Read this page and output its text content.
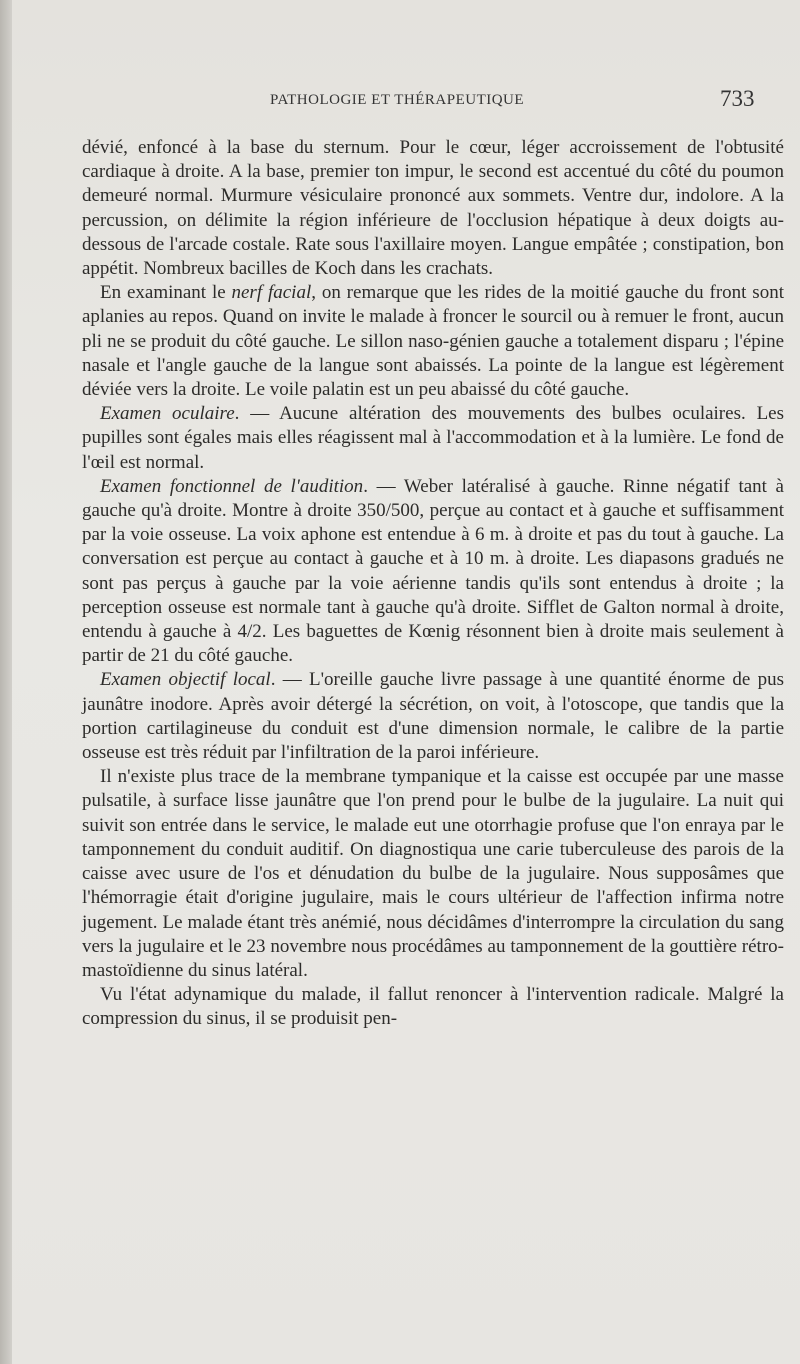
PATHOLOGIE ET THÉRAPEUTIQUE	733

dévié, enfoncé à la base du sternum. Pour le cœur, léger accroissement de l'obtusité cardiaque à droite. A la base, premier ton impur, le second est accentué du côté du poumon demeuré normal. Murmure vésiculaire prononcé aux sommets. Ventre dur, indolore. A la percussion, on délimite la région inférieure de l'occlusion hépatique à deux doigts au-dessous de l'arcade costale. Rate sous l'axillaire moyen. Langue empâtée ; constipation, bon appétit. Nombreux bacilles de Koch dans les crachats.

En examinant le nerf facial, on remarque que les rides de la moitié gauche du front sont aplanies au repos. Quand on invite le malade à froncer le sourcil ou à remuer le front, aucun pli ne se produit du côté gauche. Le sillon naso-génien gauche a totalement disparu ; l'épine nasale et l'angle gauche de la langue sont abaissés. La pointe de la langue est légèrement déviée vers la droite. Le voile palatin est un peu abaissé du côté gauche.

Examen oculaire. — Aucune altération des mouvements des bulbes oculaires. Les pupilles sont égales mais elles réagissent mal à l'accommodation et à la lumière. Le fond de l'œil est normal.

Examen fonctionnel de l'audition. — Weber latéralisé à gauche. Rinne négatif tant à gauche qu'à droite. Montre à droite 350/500, perçue au contact et à gauche et suffisamment par la voie osseuse. La voix aphone est entendue à 6 m. à droite et pas du tout à gauche. La conversation est perçue au contact à gauche et à 10 m. à droite. Les diapasons gradués ne sont pas perçus à gauche par la voie aérienne tandis qu'ils sont entendus à droite ; la perception osseuse est normale tant à gauche qu'à droite. Sifflet de Galton normal à droite, entendu à gauche à 4/2. Les baguettes de Kœnig résonnent bien à droite mais seulement à partir de 21 du côté gauche.

Examen objectif local. — L'oreille gauche livre passage à une quantité énorme de pus jaunâtre inodore. Après avoir détergé la sécrétion, on voit, à l'otoscope, que tandis que la portion cartilagineuse du conduit est d'une dimension normale, le calibre de la partie osseuse est très réduit par l'infiltration de la paroi inférieure.

Il n'existe plus trace de la membrane tympanique et la caisse est occupée par une masse pulsatile, à surface lisse jaunâtre que l'on prend pour le bulbe de la jugulaire. La nuit qui suivit son entrée dans le service, le malade eut une otorrhagie profuse que l'on enraya par le tamponnement du conduit auditif. On diagnostiqua une carie tuberculeuse des parois de la caisse avec usure de l'os et dénudation du bulbe de la jugulaire. Nous supposâmes que l'hémorragie était d'origine jugulaire, mais le cours ultérieur de l'affection infirma notre jugement. Le malade étant très anémié, nous décidâmes d'interrompre la circulation du sang vers la jugulaire et le 23 novembre nous procédâmes au tamponnement de la gouttière rétro-mastoïdienne du sinus latéral.

Vu l'état adynamique du malade, il fallut renoncer à l'intervention radicale. Malgré la compression du sinus, il se produisit pen-
